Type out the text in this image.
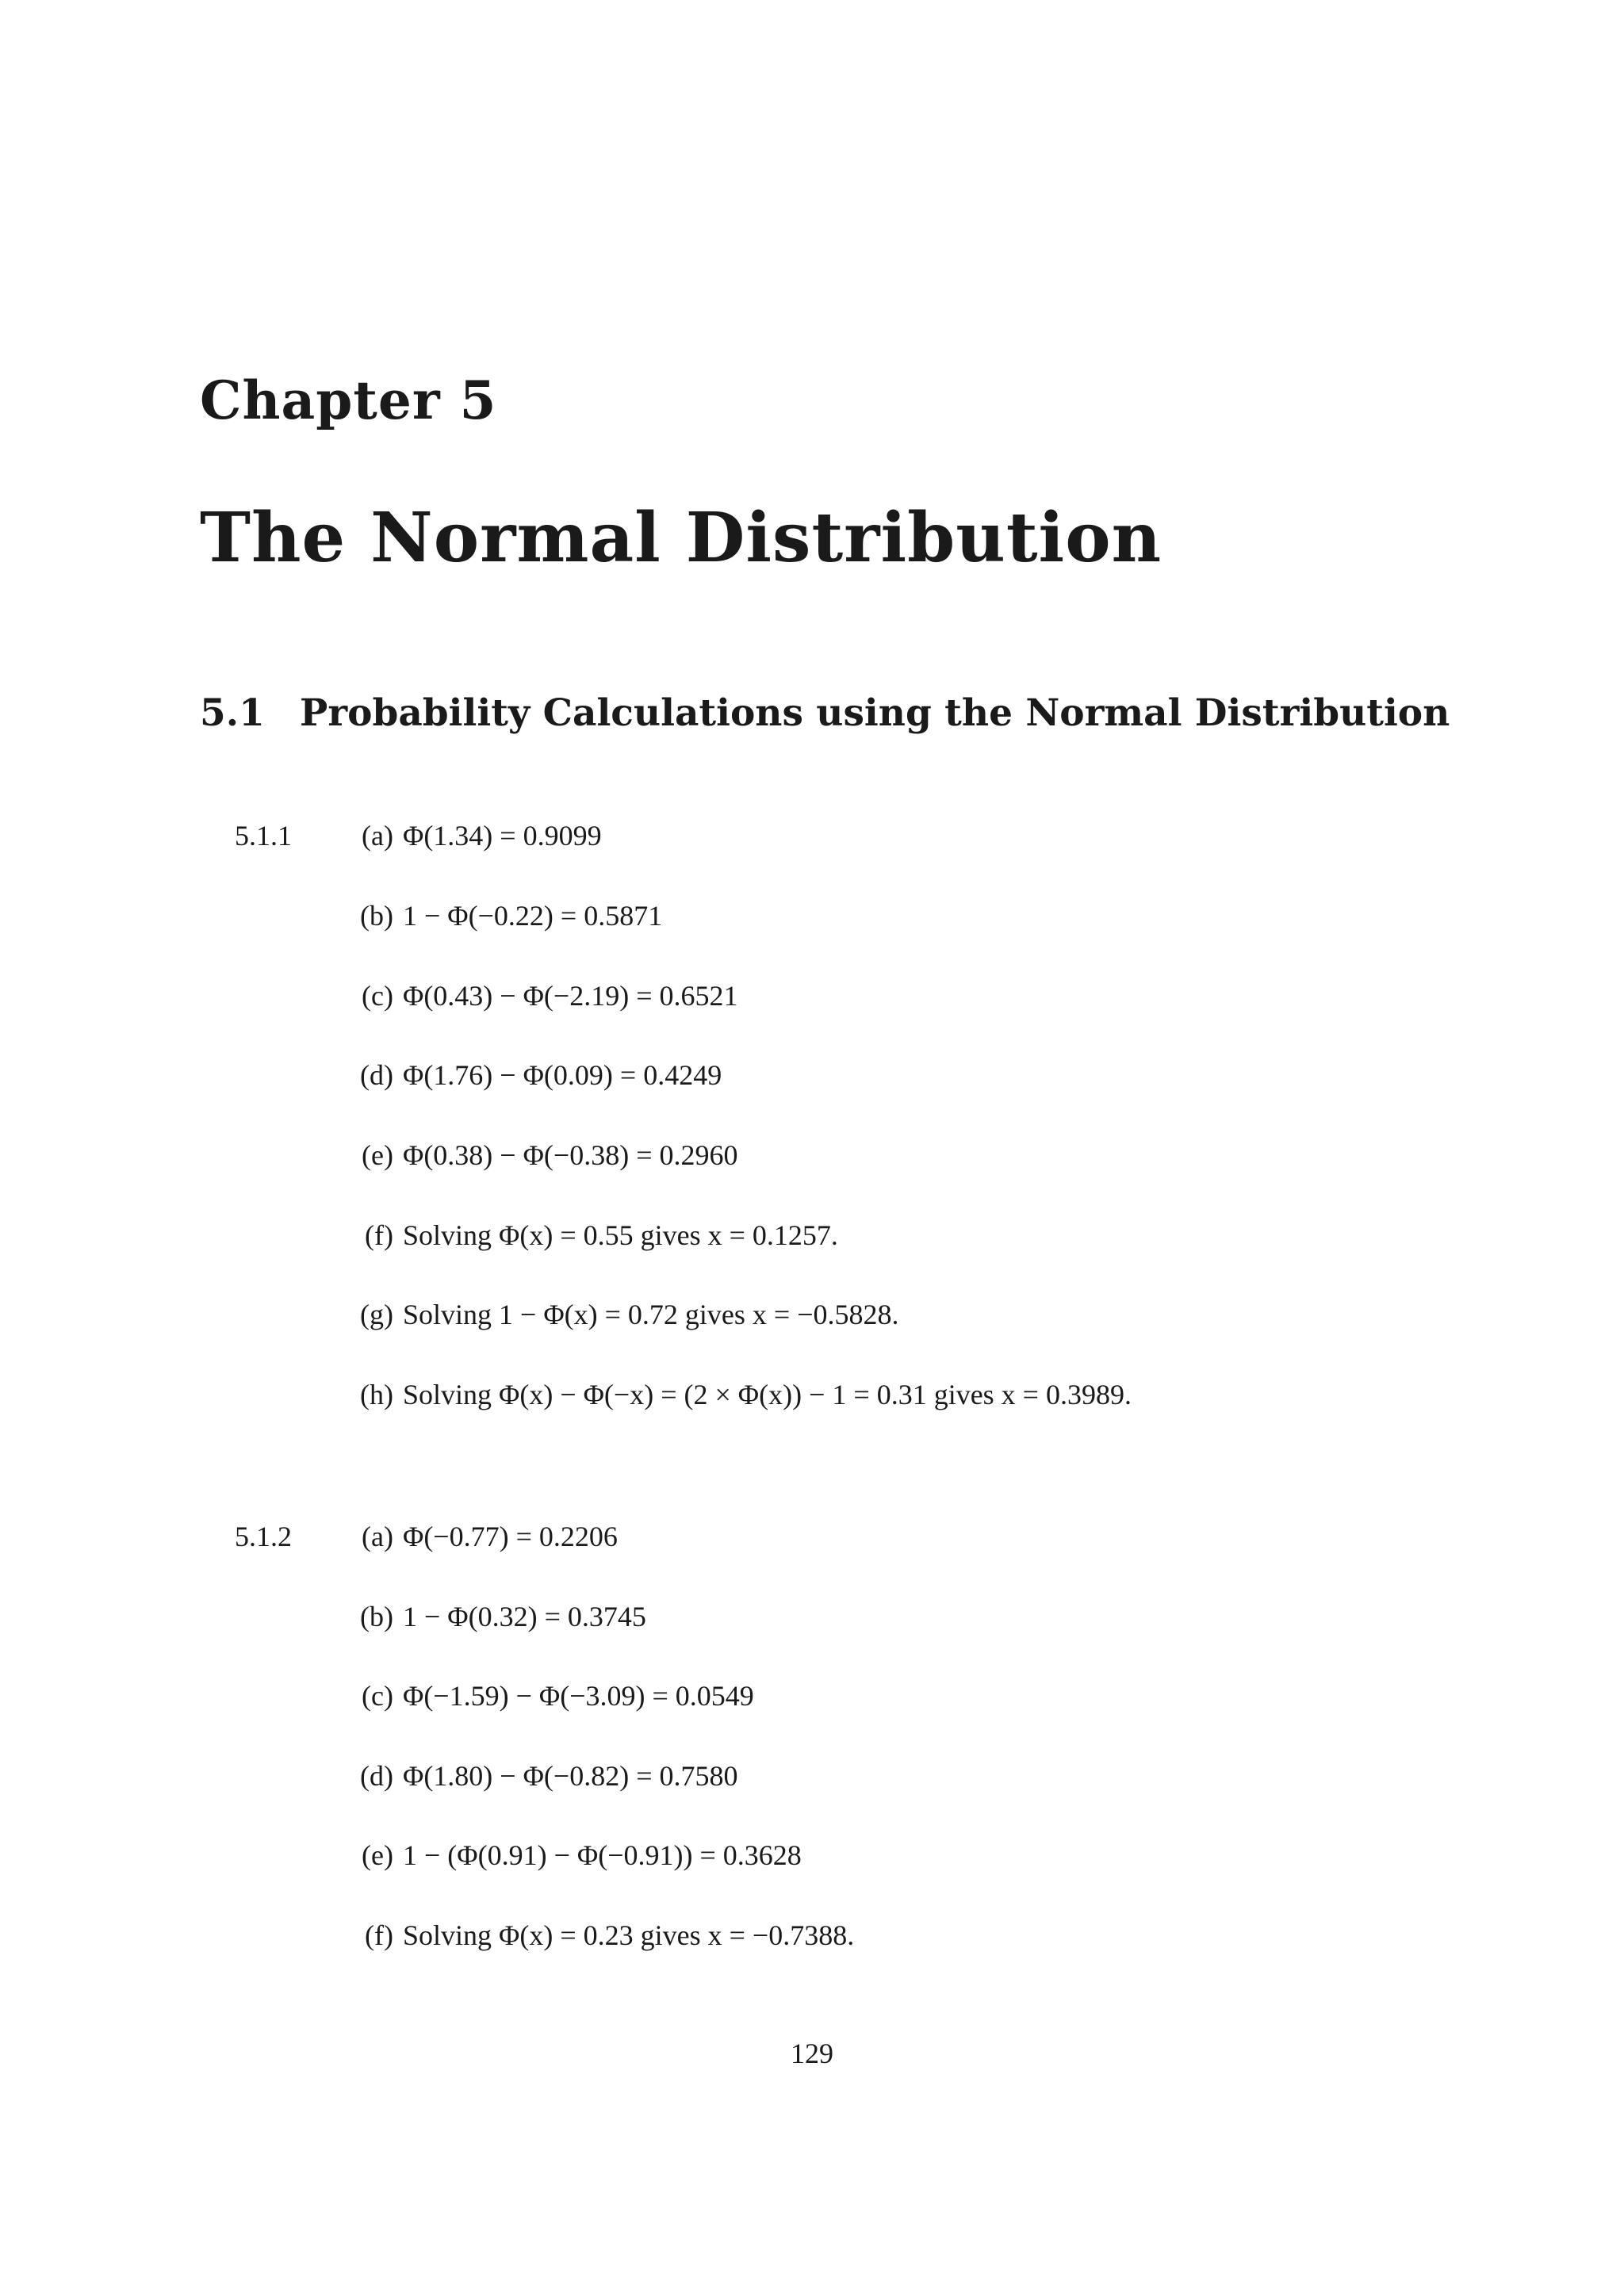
Chapter 5
The Normal Distribution
5.1 Probability Calculations using the Normal Distribution
5.1.1	(a) Φ(1.34) = 0.9099
(b) 1 − Φ(−0.22) = 0.5871
(c) Φ(0.43) − Φ(−2.19) = 0.6521
(d) Φ(1.76) − Φ(0.09) = 0.4249
(e) Φ(0.38) − Φ(−0.38) = 0.2960
(f) Solving Φ(x) = 0.55 gives x = 0.1257.
(g) Solving 1 − Φ(x) = 0.72 gives x = −0.5828.
(h) Solving Φ(x) − Φ(−x) = (2 × Φ(x)) − 1 = 0.31 gives x = 0.3989.
5.1.2	(a) Φ(−0.77) = 0.2206
(b) 1 − Φ(0.32) = 0.3745
(c) Φ(−1.59) − Φ(−3.09) = 0.0549
(d) Φ(1.80) − Φ(−0.82) = 0.7580
(e) 1 − (Φ(0.91) − Φ(−0.91)) = 0.3628
(f) Solving Φ(x) = 0.23 gives x = −0.7388.
129
